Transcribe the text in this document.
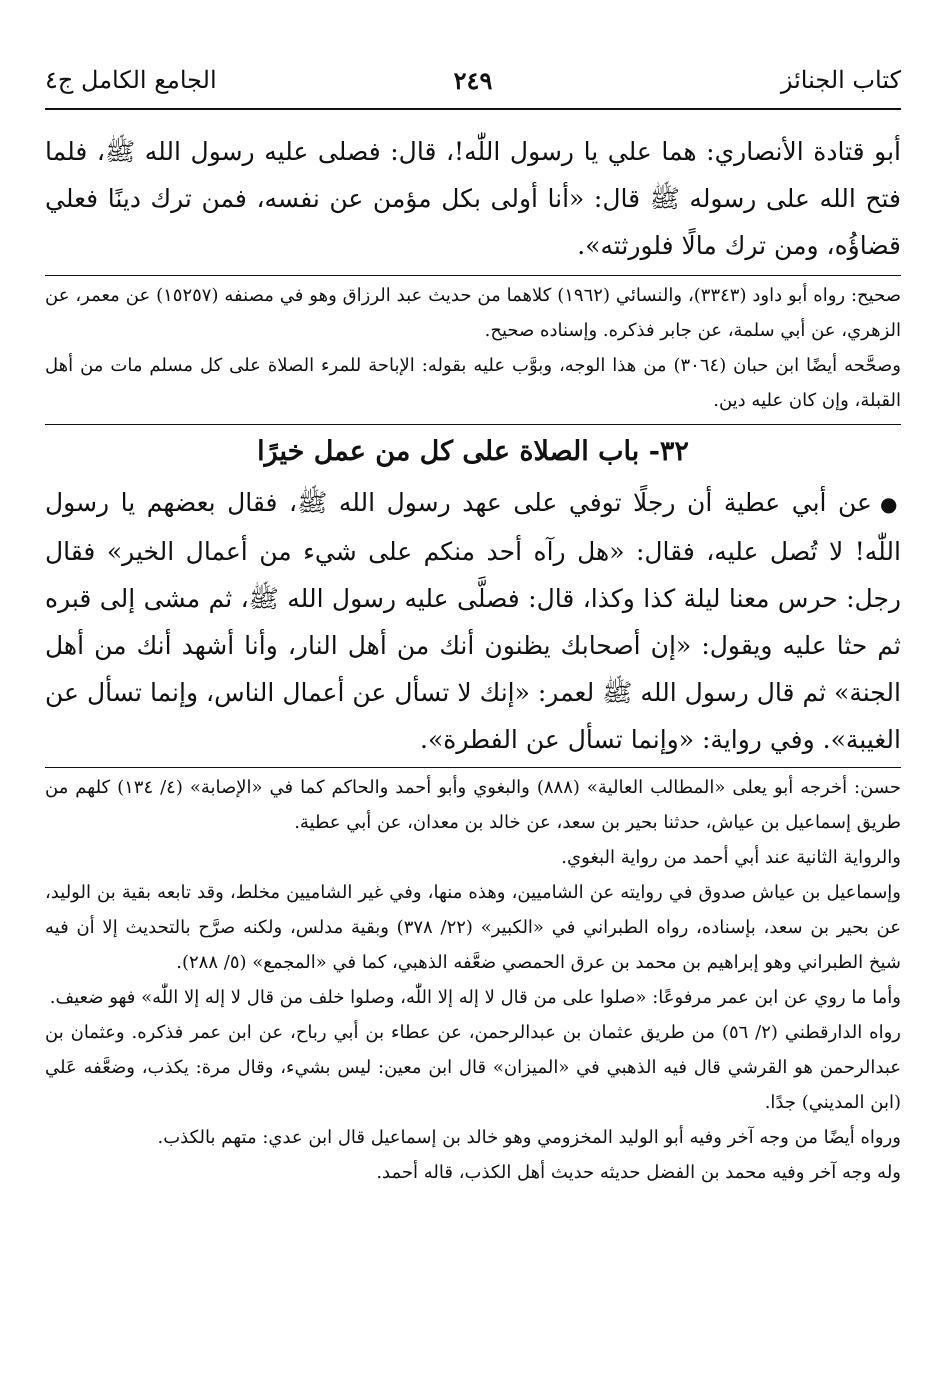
كتاب الجنائز
٢٤٩
الجامع الكامل ج٤

أبو قتادة الأنصاري: هما علي يا رسول اللّٰه!، قال: فصلى عليه رسول الله ﷺ، فلما فتح الله على رسوله ﷺ قال: «أنا أولى بكل مؤمن عن نفسه، فمن ترك دينًا فعلي قضاؤُه، ومن ترك مالًا فلورثته».

صحيح: رواه أبو داود (٣٣٤٣)، والنسائي (١٩٦٢) كلاهما من حديث عبد الرزاق وهو في مصنفه (١٥٢٥٧) عن معمر، عن الزهري، عن أبي سلمة، عن جابر فذكره. وإسناده صحيح.

وصحَّحه أيضًا ابن حبان (٣٠٦٤) من هذا الوجه، وبوَّب عليه بقوله: الإباحة للمرء الصلاة على كل مسلم مات من أهل القبلة، وإن كان عليه دين.

٣٢- باب الصلاة على كل من عمل خيرًا

●عن أبي عطية أن رجلًا توفي على عهد رسول الله ﷺ، فقال بعضهم يا رسول اللّٰه! لا تُصل عليه، فقال: «هل رآه أحد منكم على شيء من أعمال الخير» فقال رجل: حرس معنا ليلة كذا وكذا، قال: فصلَّى عليه رسول الله ﷺ، ثم مشى إلى قبره ثم حثا عليه ويقول: «إن أصحابك يظنون أنك من أهل النار، وأنا أشهد أنك من أهل الجنة» ثم قال رسول الله ﷺ لعمر: «إنك لا تسأل عن أعمال الناس، وإنما تسأل عن الغيبة». وفي رواية: «وإنما تسأل عن الفطرة».

حسن: أخرجه أبو يعلى «المطالب العالية» (٨٨٨) والبغوي وأبو أحمد والحاكم كما في «الإصابة» (٤/ ١٣٤) كلهم من طريق إسماعيل بن عياش، حدثنا بحير بن سعد، عن خالد بن معدان، عن أبي عطية.

والرواية الثانية عند أبي أحمد من رواية البغوي.

وإسماعيل بن عياش صدوق في روايته عن الشاميين، وهذه منها، وفي غير الشاميين مخلط، وقد تابعه بقية بن الوليد، عن بحير بن سعد، بإسناده، رواه الطبراني في «الكبير» (٢٢/ ٣٧٨) وبقية مدلس، ولكنه صرَّح بالتحديث إلا أن فيه شيخ الطبراني وهو إبراهيم بن محمد بن عرق الحمصي ضعَّفه الذهبي، كما في «المجمع» (٥/ ٢٨٨).

وأما ما روي عن ابن عمر مرفوعًا: «صلوا على من قال لا إله إلا اللّٰه، وصلوا خلف من قال لا إله إلا اللّٰه» فهو ضعيف.

رواه الدارقطني (٢/ ٥٦) من طريق عثمان بن عبدالرحمن، عن عطاء بن أبي رباح، عن ابن عمر فذكره. وعثمان بن عبدالرحمن هو القرشي قال فيه الذهبي في «الميزان» قال ابن معين: ليس بشيء، وقال مرة: يكذب، وضعَّفه عَلي (ابن المديني) جدًا.

ورواه أيضًا من وجه آخر وفيه أبو الوليد المخزومي وهو خالد بن إسماعيل قال ابن عدي: متهم بالكذب.

وله وجه آخر وفيه محمد بن الفضل حديثه حديث أهل الكذب، قاله أحمد.
